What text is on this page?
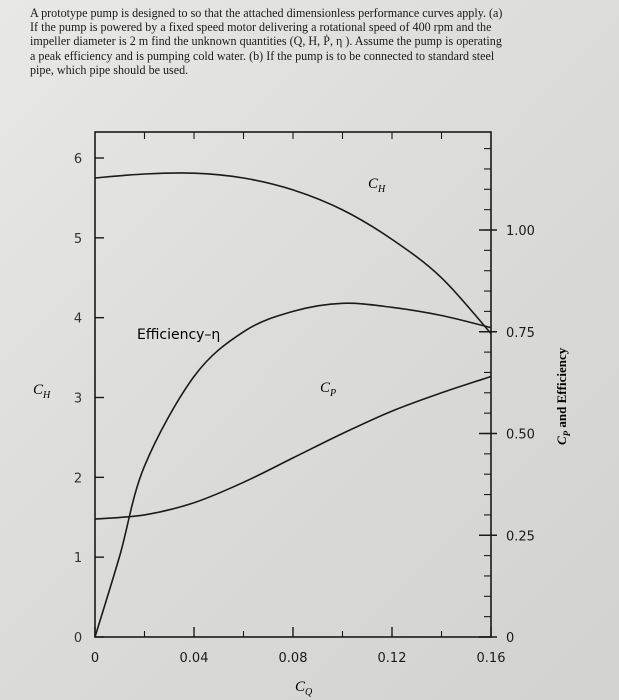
A prototype pump is designed to so that the attached dimensionless performance curves apply. (a)

If the pump is powered by a fixed speed motor delivering a rotational speed of 400 rpm and the

impeller diameter is 2 m find the unknown quantities (Q, H, Ṗ, η ). Assume the pump is operating

a peak efficiency and is pumping cold water. (b) If the pump is to be connected to standard steel

pipe, which pipe should be used.

0
1
2
3
4
5
6
0
0.25
0.50
0.75
1.00
0	0.04	0.08	0.12	0.16
$C_H$
Efficiency–η
$C_P$
$C_H$
$C_Q$
$C_P$ and Efficiency
